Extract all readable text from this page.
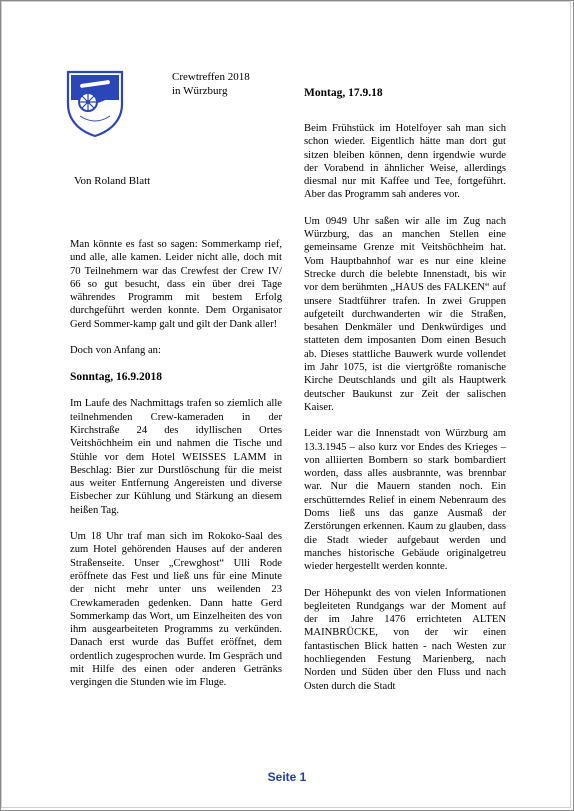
Crewtreffen 2018
in Würzburg
Von Roland Blatt

Man könnte es fast so sagen: Sommerkamp rief, und alle, alle kamen. Leider nicht alle, doch mit 70 Teilnehmern war das Crewfest der Crew IV/ 66 so gut besucht, dass ein über drei Tage währendes Programm mit bestem Erfolg durchgeführt werden konnte. Dem Organisator Gerd Sommer-kamp galt und gilt der Dank aller!

Doch von Anfang an:

Sonntag, 16.9.2018

Im Laufe des Nachmittags trafen so ziemlich alle teilnehmenden Crew-kameraden in der Kirchstraße 24 des idyllischen Ortes Veitshöchheim ein und nahmen die Tische und Stühle vor dem Hotel WEISSES LAMM in Beschlag: Bier zur Durstlöschung für die meist aus weiter Entfernung Angereisten und diverse Eisbecher zur Kühlung und Stärkung an diesem heißen Tag.

Um 18 Uhr traf man sich im Rokoko-Saal des zum Hotel gehörenden Hauses auf der anderen Straßenseite. Unser „Crewghost“ Ulli Rode eröffnete das Fest und ließ uns für eine Minute der nicht mehr unter uns weilenden 23 Crewkameraden gedenken. Dann hatte Gerd Sommerkamp das Wort, um Einzelheiten des von ihm ausgearbeiteten Programms zu verkünden. Danach erst wurde das Buffet eröffnet, dem ordentlich zugesprochen wurde. Im Gespräch und mit Hilfe des einen oder anderen Getränks vergingen die Stunden wie im Fluge.

Montag, 17.9.18

Beim Frühstück im Hotelfoyer sah man sich schon wieder. Eigentlich hätte man dort gut sitzen bleiben können, denn irgendwie wurde der Vorabend in ähnlicher Weise, allerdings diesmal nur mit Kaffee und Tee, fortgeführt. Aber das Programm sah anderes vor.

Um 0949 Uhr saßen wir alle im Zug nach Würzburg, das an manchen Stellen eine gemeinsame Grenze mit Veitshöchheim hat. Vom Hauptbahnhof war es nur eine kleine Strecke durch die belebte Innenstadt, bis wir vor dem berühmten „HAUS des FALKEN“ auf unsere Stadtführer trafen. In zwei Gruppen aufgeteilt durchwanderten wir die Straßen, besahen Denkmäler und Denkwürdiges und statteten dem imposanten Dom einen Besuch ab. Dieses stattliche Bauwerk wurde vollendet im Jahr 1075, ist die viertgrößte romanische Kirche Deutschlands und gilt als Hauptwerk deutscher Baukunst zur Zeit der salischen Kaiser.

Leider war die Innenstadt von Würzburg am 13.3.1945 – also kurz vor Endes des Krieges – von alliierten Bombern so stark bombardiert worden, dass alles ausbrannte, was brennbar war. Nur die Mauern standen noch. Ein erschütterndes Relief in einem Nebenraum des Doms ließ uns das ganze Ausmaß der Zerstörungen erkennen. Kaum zu glauben, dass die Stadt wieder aufgebaut werden und manches historische Gebäude originalgetreu wieder hergestellt werden konnte.

Der Höhepunkt des von vielen Informationen begleiteten Rundgangs war der Moment auf der im Jahre 1476 errichteten ALTEN MAINBRÜCKE, von der wir einen fantastischen Blick hatten - nach Westen zur hochliegenden Festung Marienberg, nach Norden und Süden über den Fluss und nach Osten durch die Stadt

Seite 1
